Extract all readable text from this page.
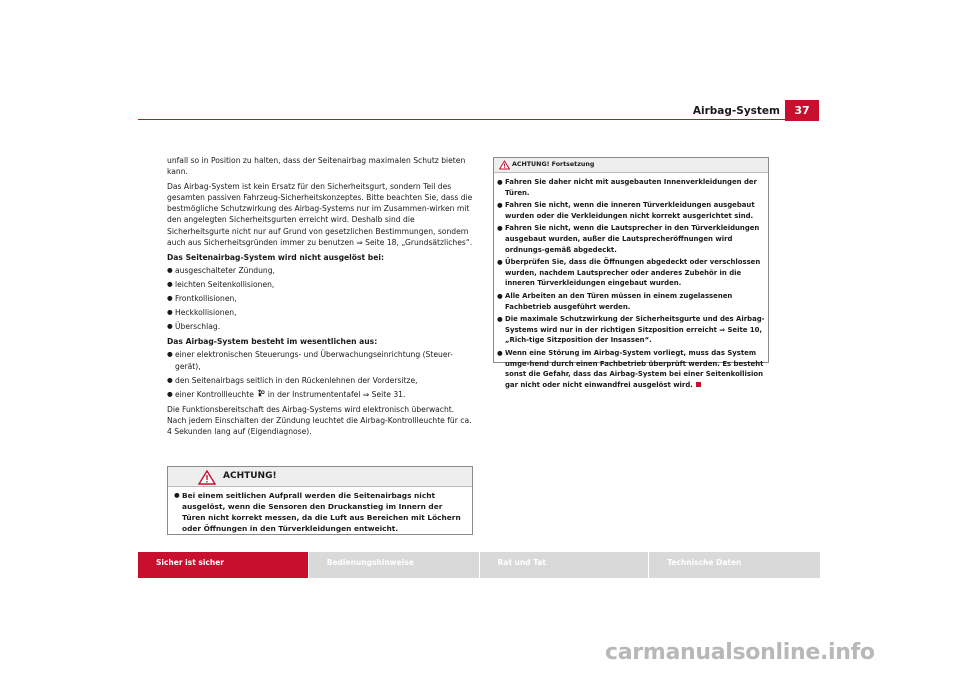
Airbag-System	37

unfall so in Position zu halten, dass der Seitenairbag maximalen Schutz bieten kann.

Das Airbag-System ist kein Ersatz für den Sicherheitsgurt, sondern Teil des gesamten passiven Fahrzeug-Sicherheitskonzeptes. Bitte beachten Sie, dass die bestmögliche Schutzwirkung des Airbag-Systems nur im Zusammen-wirken mit den angelegten Sicherheitsgurten erreicht wird. Deshalb sind die Sicherheitsgurte nicht nur auf Grund von gesetzlichen Bestimmungen, sondern auch aus Sicherheitsgründen immer zu benutzen ⇒ Seite 18, „Grundsätzliches“.

Das Seitenairbag-System wird nicht ausgelöst bei:

● ausgeschalteter Zündung,
● leichten Seitenkollisionen,
● Frontkollisionen,
● Heckkollisionen,
● Überschlag.

Das Airbag-System besteht im wesentlichen aus:

● einer elektronischen Steuerungs- und Überwachungseinrichtung (Steuer-gerät),
● den Seitenairbags seitlich in den Rückenlehnen der Vordersitze,
● einer Kontrollleuchte in der Instrumententafel ⇒ Seite 31.

Die Funktionsbereitschaft des Airbag-Systems wird elektronisch überwacht. Nach jedem Einschalten der Zündung leuchtet die Airbag-Kontrollleuchte für ca. 4 Sekunden lang auf (Eigendiagnose).

ACHTUNG!
● Bei einem seitlichen Aufprall werden die Seitenairbags nicht ausgelöst, wenn die Sensoren den Druckanstieg im Innern der Türen nicht korrekt messen, da die Luft aus Bereichen mit Löchern oder Öffnungen in den Türverkleidungen entweicht.
ACHTUNG! Fortsetzung
● Fahren Sie daher nicht mit ausgebauten Innenverkleidungen der Türen.
● Fahren Sie nicht, wenn die inneren Türverkleidungen ausgebaut wurden oder die Verkleidungen nicht korrekt ausgerichtet sind.
● Fahren Sie nicht, wenn die Lautsprecher in den Türverkleidungen ausgebaut wurden, außer die Lautsprecheröffnungen wird ordnungs-gemäß abgedeckt.
● Überprüfen Sie, dass die Öffnungen abgedeckt oder verschlossen wurden, nachdem Lautsprecher oder anderes Zubehör in die inneren Türverkleidungen eingebaut wurden.
● Alle Arbeiten an den Türen müssen in einem zugelassenen Fachbetrieb ausgeführt werden.
● Die maximale Schutzwirkung der Sicherheitsgurte und des Airbag-Systems wird nur in der richtigen Sitzposition erreicht ⇒ Seite 10, „Rich-tige Sitzposition der Insassen“.
● Wenn eine Störung im Airbag-System vorliegt, muss das System umge-hend durch einen Fachbetrieb überprüft werden. Es besteht sonst die Gefahr, dass das Airbag-System bei einer Seitenkollision gar nicht oder nicht einwandfrei ausgelöst wird.
Sicher ist sicher	Bedienungshinweise	Rat und Tat	Technische Daten
carmanualsonline.info
